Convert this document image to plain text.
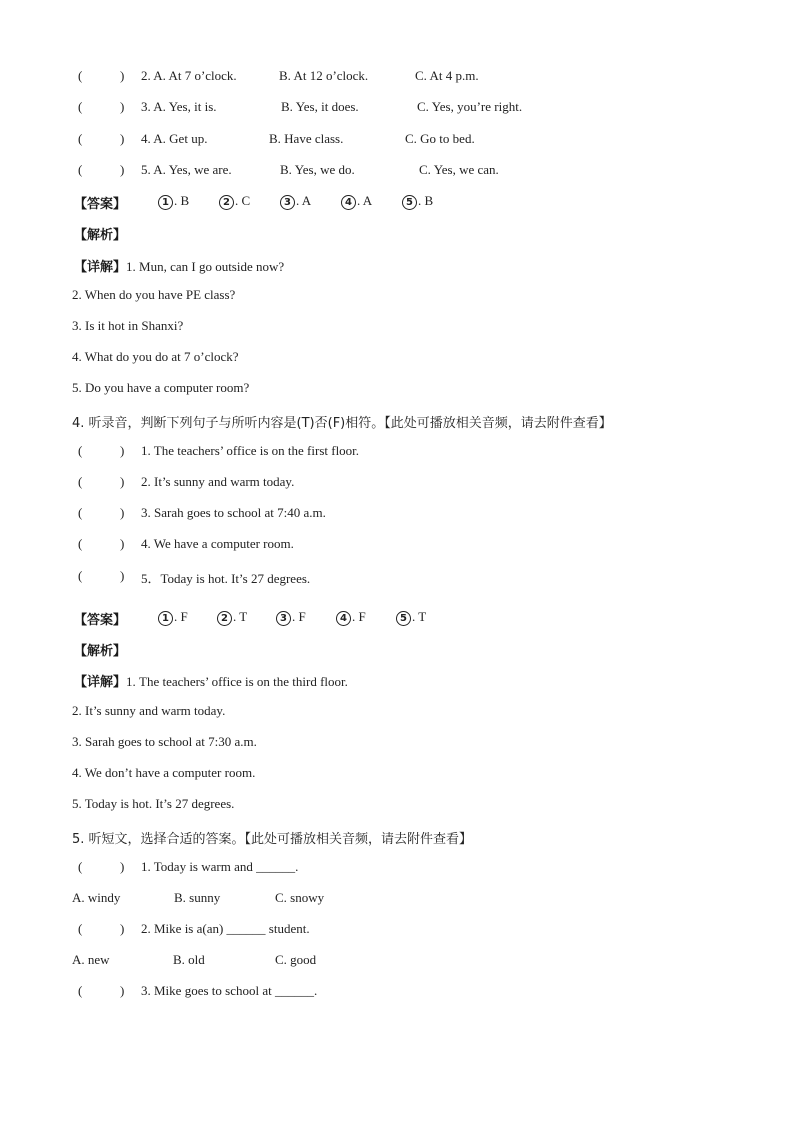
(	) 2. A. At 7 o’clock.	B. At 12 o’clock.	C. At 4 p.m.
(	) 3. A. Yes, it is.	B. Yes, it does.	C. Yes, you’re right.
(	) 4. A. Get up.	B. Have class.	C. Go to bed.
(	) 5. A. Yes, we are.	B. Yes, we do.	C. Yes, we can.
【答案】	1 . B	2 . C	3 . A	4 . A	5 . B
【解析】
【详解】1. Mun, can I go outside now?
2. When do you have PE class?
3. Is it hot in Shanxi?
4. What do you do at 7 o’clock?
5. Do you have a computer room?
4. 听录音，判断下列句子与所听内容是(T)否(F)相符。【此处可播放相关音频，请去附件查看】
(	) 1. The teachers’ office is on the first floor.
(	) 2. It’s sunny and warm today.
(	) 3. Sarah goes to school at 7:40 a.m.
(	) 4. We have a computer room.
(	) 5．Today is hot. It’s 27 degrees.
【答案】	1 . F	2 . T	3 . F	4 . F	5 . T
【解析】
【详解】1. The teachers’ office is on the third floor.
2. It’s sunny and warm today.
3. Sarah goes to school at 7:30 a.m.
4. We don’t have a computer room.
5. Today is hot. It’s 27 degrees.
5. 听短文，选择合适的答案。【此处可播放相关音频，请去附件查看】
(	) 1. Today is warm and ______.
A. windy	B. sunny	C. snowy
(	) 2. Mike is a(an) ______ student.
A. new	B. old	C. good
(	) 3. Mike goes to school at ______.
